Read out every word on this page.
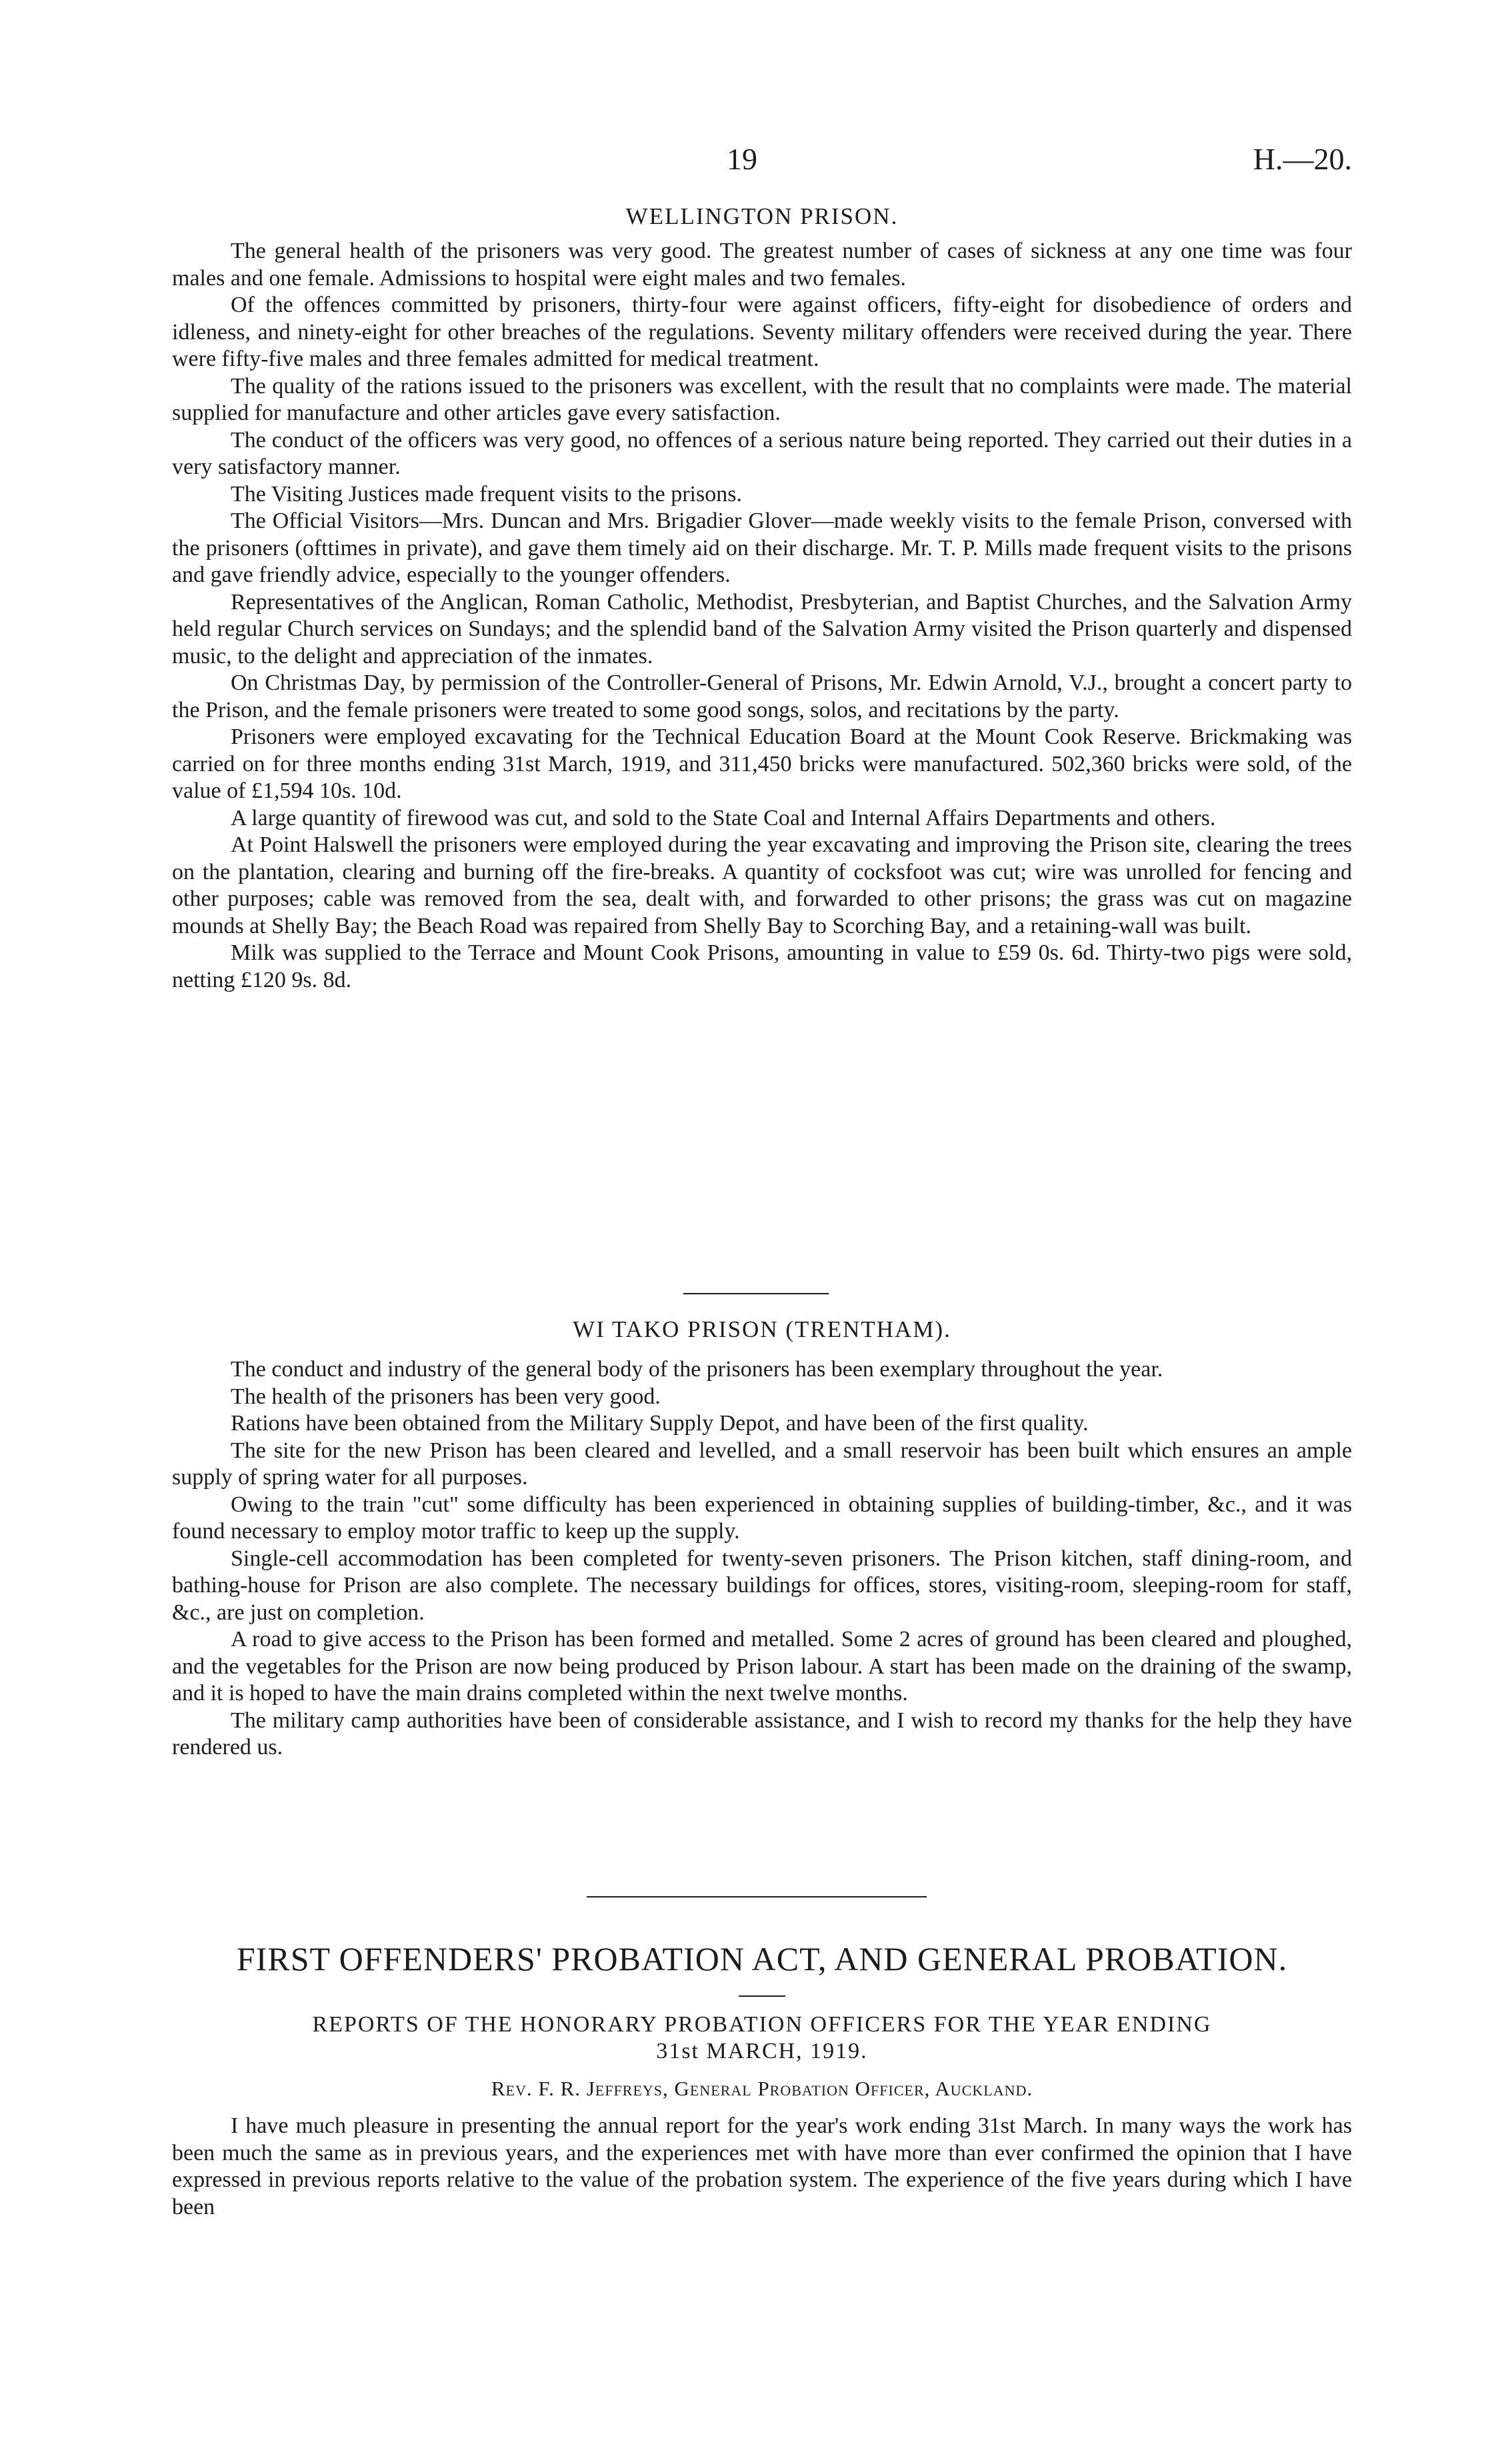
19	H.—20.
WELLINGTON PRISON.

The general health of the prisoners was very good. The greatest number of cases of sickness at any one time was four males and one female. Admissions to hospital were eight males and two females.

Of the offences committed by prisoners, thirty-four were against officers, fifty-eight for disobedience of orders and idleness, and ninety-eight for other breaches of the regulations. Seventy military offenders were received during the year. There were fifty-five males and three females admitted for medical treatment.

The quality of the rations issued to the prisoners was excellent, with the result that no complaints were made. The material supplied for manufacture and other articles gave every satisfaction.

The conduct of the officers was very good, no offences of a serious nature being reported. They carried out their duties in a very satisfactory manner.

The Visiting Justices made frequent visits to the prisons.

The Official Visitors—Mrs. Duncan and Mrs. Brigadier Glover—made weekly visits to the female Prison, conversed with the prisoners (ofttimes in private), and gave them timely aid on their discharge. Mr. T. P. Mills made frequent visits to the prisons and gave friendly advice, especially to the younger offenders.

Representatives of the Anglican, Roman Catholic, Methodist, Presbyterian, and Baptist Churches, and the Salvation Army held regular Church services on Sundays; and the splendid band of the Salvation Army visited the Prison quarterly and dispensed music, to the delight and appreciation of the inmates.

On Christmas Day, by permission of the Controller-General of Prisons, Mr. Edwin Arnold, V.J., brought a concert party to the Prison, and the female prisoners were treated to some good songs, solos, and recitations by the party.

Prisoners were employed excavating for the Technical Education Board at the Mount Cook Reserve. Brickmaking was carried on for three months ending 31st March, 1919, and 311,450 bricks were manufactured. 502,360 bricks were sold, of the value of £1,594 10s. 10d.

A large quantity of firewood was cut, and sold to the State Coal and Internal Affairs Departments and others.

At Point Halswell the prisoners were employed during the year excavating and improving the Prison site, clearing the trees on the plantation, clearing and burning off the fire-breaks. A quantity of cocksfoot was cut; wire was unrolled for fencing and other purposes; cable was removed from the sea, dealt with, and forwarded to other prisons; the grass was cut on magazine mounds at Shelly Bay; the Beach Road was repaired from Shelly Bay to Scorching Bay, and a retaining-wall was built.

Milk was supplied to the Terrace and Mount Cook Prisons, amounting in value to £59 0s. 6d. Thirty-two pigs were sold, netting £120 9s. 8d.

WI TAKO PRISON (TRENTHAM).

The conduct and industry of the general body of the prisoners has been exemplary throughout the year.

The health of the prisoners has been very good.

Rations have been obtained from the Military Supply Depot, and have been of the first quality.

The site for the new Prison has been cleared and levelled, and a small reservoir has been built which ensures an ample supply of spring water for all purposes.

Owing to the train "cut" some difficulty has been experienced in obtaining supplies of building-timber, &c., and it was found necessary to employ motor traffic to keep up the supply.

Single-cell accommodation has been completed for twenty-seven prisoners. The Prison kitchen, staff dining-room, and bathing-house for Prison are also complete. The necessary buildings for offices, stores, visiting-room, sleeping-room for staff, &c., are just on completion.

A road to give access to the Prison has been formed and metalled. Some 2 acres of ground has been cleared and ploughed, and the vegetables for the Prison are now being produced by Prison labour. A start has been made on the draining of the swamp, and it is hoped to have the main drains completed within the next twelve months.

The military camp authorities have been of considerable assistance, and I wish to record my thanks for the help they have rendered us.

FIRST OFFENDERS' PROBATION ACT, AND GENERAL PROBATION.
REPORTS OF THE HONORARY PROBATION OFFICERS FOR THE YEAR ENDING
31st MARCH, 1919.
Rev. F. R. Jeffreys, General Probation Officer, Auckland.

I have much pleasure in presenting the annual report for the year's work ending 31st March. In many ways the work has been much the same as in previous years, and the experiences met with have more than ever confirmed the opinion that I have expressed in previous reports relative to the value of the probation system. The experience of the five years during which I have been
